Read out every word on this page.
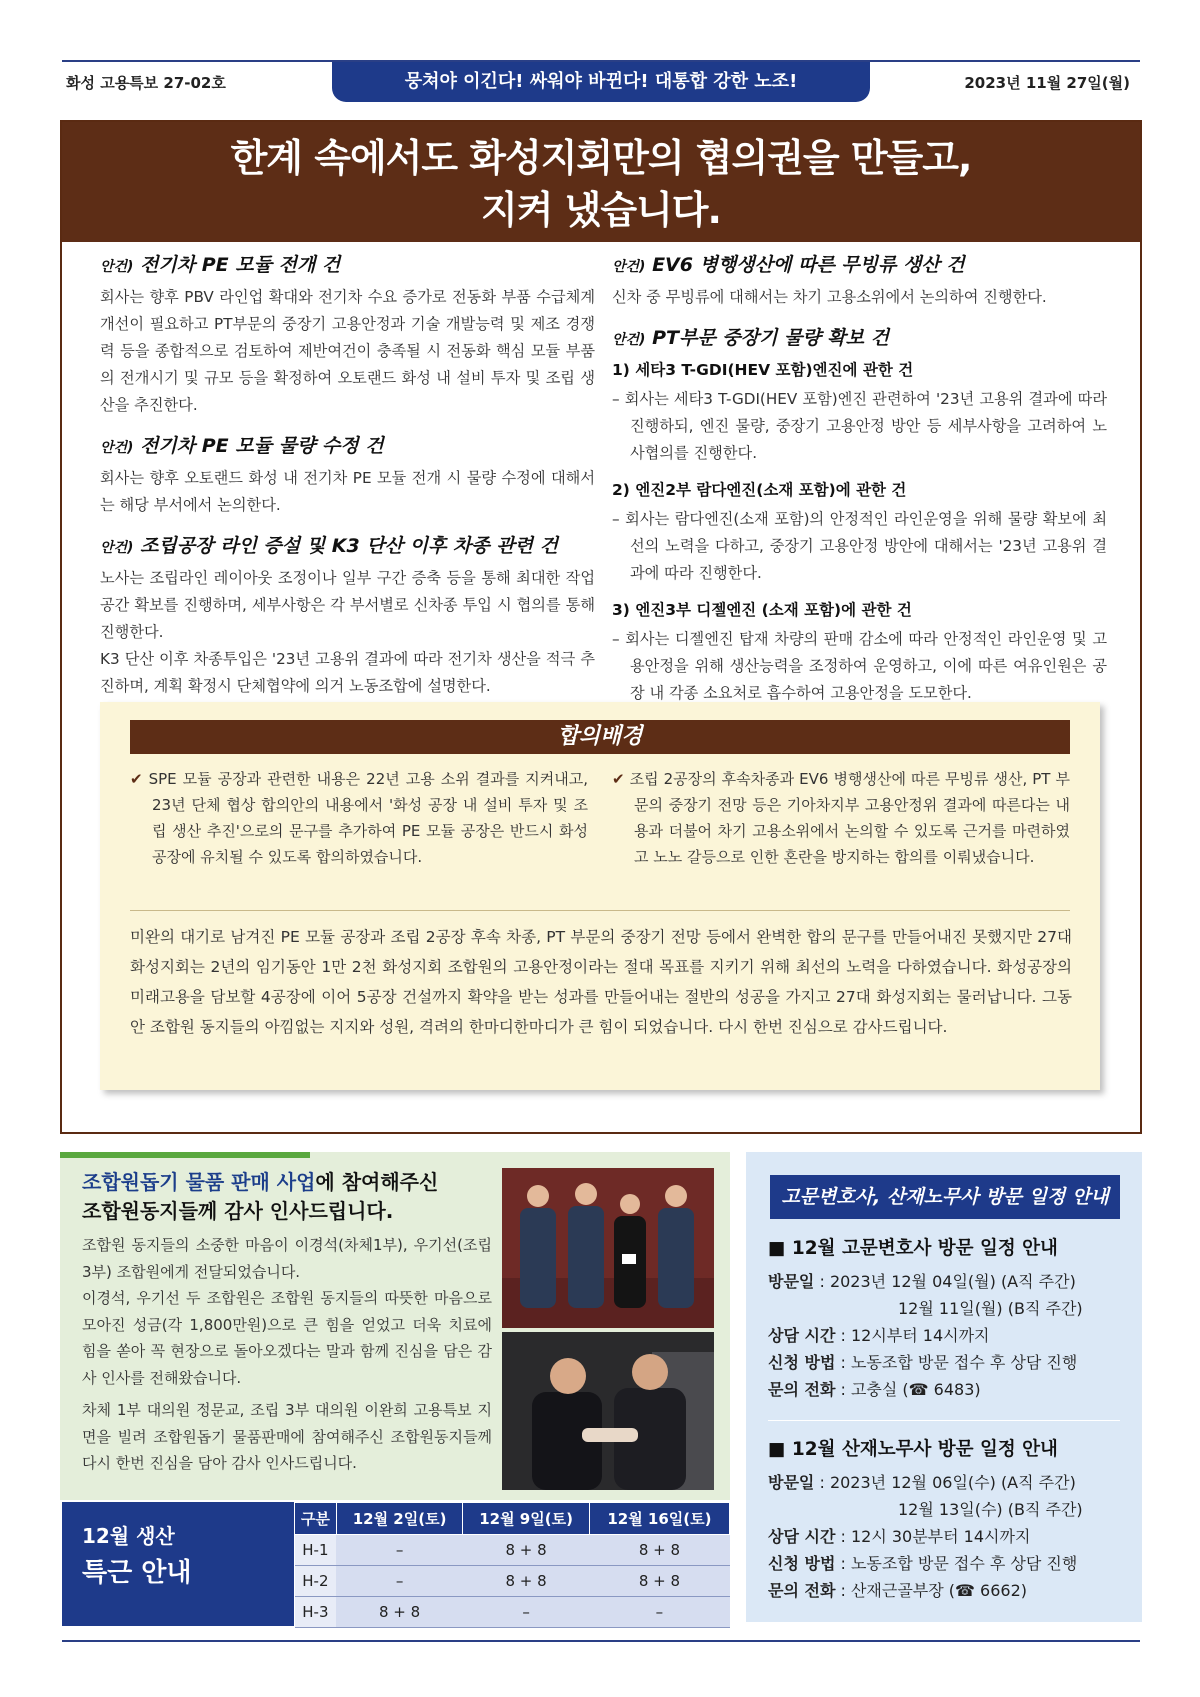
화성 고용특보 27-02호	뭉쳐야 이긴다! 싸워야 바뀐다! 대통합 강한 노조!	2023년 11월 27일(월)
한계 속에서도 화성지회만의 협의권을 만들고,
지켜 냈습니다.
안건) 전기차 PE 모듈 전개 건

회사는 향후 PBV 라인업 확대와 전기차 수요 증가로 전동화 부품 수급체계 개선이 필요하고 PT부문의 중장기 고용안정과 기술 개발능력 및 제조 경쟁력 등을 종합적으로 검토하여 제반여건이 충족될 시 전동화 핵심 모듈 부품의 전개시기 및 규모 등을 확정하여 오토랜드 화성 내 설비 투자 및 조립 생산을 추진한다.

안건) 전기차 PE 모듈 물량 수정 건

회사는 향후 오토랜드 화성 내 전기차 PE 모듈 전개 시 물량 수정에 대해서는 해당 부서에서 논의한다.

안건) 조립공장 라인 증설 및 K3 단산 이후 차종 관련 건

노사는 조립라인 레이아웃 조정이나 일부 구간 증축 등을 통해 최대한 작업공간 확보를 진행하며, 세부사항은 각 부서별로 신차종 투입 시 협의를 통해 진행한다.

K3 단산 이후 차종투입은 '23년 고용위 결과에 따라 전기차 생산을 적극 추진하며, 계획 확정시 단체협약에 의거 노동조합에 설명한다.

안건) EV6 병행생산에 따른 무빙류 생산 건

신차 중 무빙류에 대해서는 차기 고용소위에서 논의하여 진행한다.

안건) PT부문 중장기 물량 확보 건
1) 세타3 T-GDI(HEV 포함)엔진에 관한 건

– 회사는 세타3 T-GDI(HEV 포함)엔진 관련하여 '23년 고용위 결과에 따라 진행하되, 엔진 물량, 중장기 고용안정 방안 등 세부사항을 고려하여 노사협의를 진행한다.

2) 엔진2부 람다엔진(소재 포함)에 관한 건

– 회사는 람다엔진(소재 포함)의 안정적인 라인운영을 위해 물량 확보에 최선의 노력을 다하고, 중장기 고용안정 방안에 대해서는 '23년 고용위 결과에 따라 진행한다.

3) 엔진3부 디젤엔진 (소재 포함)에 관한 건

– 회사는 디젤엔진 탑재 차량의 판매 감소에 따라 안정적인 라인운영 및 고용안정을 위해 생산능력을 조정하여 운영하고, 이에 따른 여유인원은 공장 내 각종 소요처로 흡수하여 고용안정을 도모한다.

합의배경

✔ SPE 모듈 공장과 관련한 내용은 22년 고용 소위 결과를 지켜내고, 23년 단체 협상 합의안의 내용에서 '화성 공장 내 설비 투자 및 조립 생산 추진'으로의 문구를 추가하여 PE 모듈 공장은 반드시 화성 공장에 유치될 수 있도록 합의하였습니다.

✔ 조립 2공장의 후속차종과 EV6 병행생산에 따른 무빙류 생산, PT 부문의 중장기 전망 등은 기아차지부 고용안정위 결과에 따른다는 내용과 더불어 차기 고용소위에서 논의할 수 있도록 근거를 마련하였고 노노 갈등으로 인한 혼란을 방지하는 합의를 이뤄냈습니다.

미완의 대기로 남겨진 PE 모듈 공장과 조립 2공장 후속 차종, PT 부문의 중장기 전망 등에서 완벽한 합의 문구를 만들어내진 못했지만 27대 화성지회는 2년의 임기동안 1만 2천 화성지회 조합원의 고용안정이라는 절대 목표를 지키기 위해 최선의 노력을 다하였습니다. 화성공장의 미래고용을 담보할 4공장에 이어 5공장 건설까지 확약을 받는 성과를 만들어내는 절반의 성공을 가지고 27대 화성지회는 물러납니다. 그동안 조합원 동지들의 아낌없는 지지와 성원, 격려의 한마디한마디가 큰 힘이 되었습니다. 다시 한번 진심으로 감사드립니다.
조합원돕기 물품 판매 사업에 참여해주신
조합원동지들께 감사 인사드립니다.
조합원 동지들의 소중한 마음이 이경석(차체1부), 우기선(조립3부) 조합원에게 전달되었습니다.
이경석, 우기선 두 조합원은 조합원 동지들의 따뜻한 마음으로 모아진 성금(각 1,800만원)으로 큰 힘을 얻었고 더욱 치료에 힘을 쏟아 꼭 현장으로 돌아오겠다는 말과 함께 진심을 담은 감사 인사를 전해왔습니다.
차체 1부 대의원 정문교, 조립 3부 대의원 이완희 고용특보 지면을 빌려 조합원돕기 물품판매에 참여해주신 조합원동지들께 다시 한번 진심을 담아 감사 인사드립니다.
12월 생산
특근 안내
구분	12월 2일(토)	12월 9일(토)	12월 16일(토)
H-1	–	8 + 8	8 + 8
H-2	–	8 + 8	8 + 8
H-3	8 + 8	–	–
고문변호사, 산재노무사 방문 일정 안내
■ 12월 고문변호사 방문 일정 안내
방문일 : 2023년 12월 04일(월) (A직 주간)
12월 11일(월) (B직 주간)
상담 시간 : 12시부터 14시까지
신청 방법 : 노동조합 방문 접수 후 상담 진행
문의 전화 : 고충실 (☎ 6483)
■ 12월 산재노무사 방문 일정 안내
방문일 : 2023년 12월 06일(수) (A직 주간)
12월 13일(수) (B직 주간)
상담 시간 : 12시 30분부터 14시까지
신청 방법 : 노동조합 방문 접수 후 상담 진행
문의 전화 : 산재근골부장 (☎ 6662)
